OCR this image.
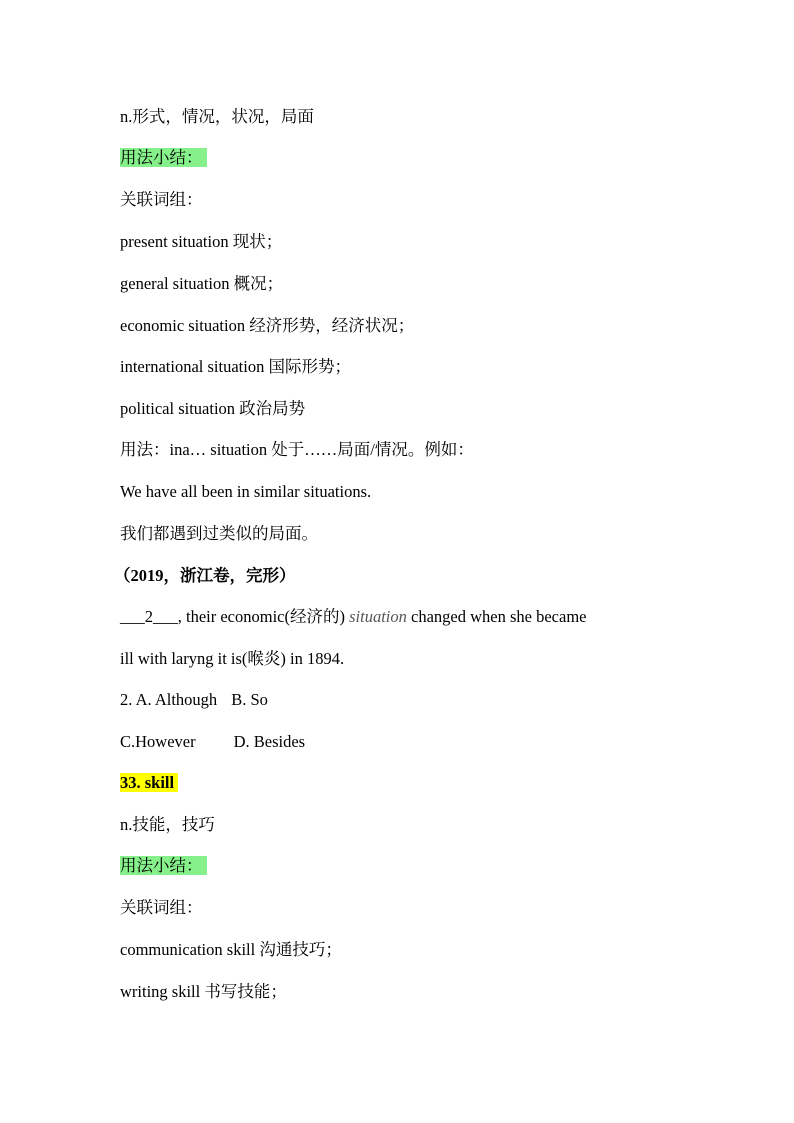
n.形式，情况，状况，局面
用法小结：
关联词组：
present situation 现状；
general situation 概况；
economic situation 经济形势，经济状况；
international situation 国际形势；
political situation 政治局势
用法：ina… situation 处于……局面/情况。例如：
We have all been in similar situations.
我们都遇到过类似的局面。
（2019，浙江卷，完形）
___2___, their economic(经济的) situation changed when she became
ill with laryng it is(喉炎) in 1894.
2. A. Although B. So
C.However D. Besides
33. skill
n.技能，技巧
用法小结：
关联词组：
communication skill 沟通技巧；
writing skill 书写技能；
